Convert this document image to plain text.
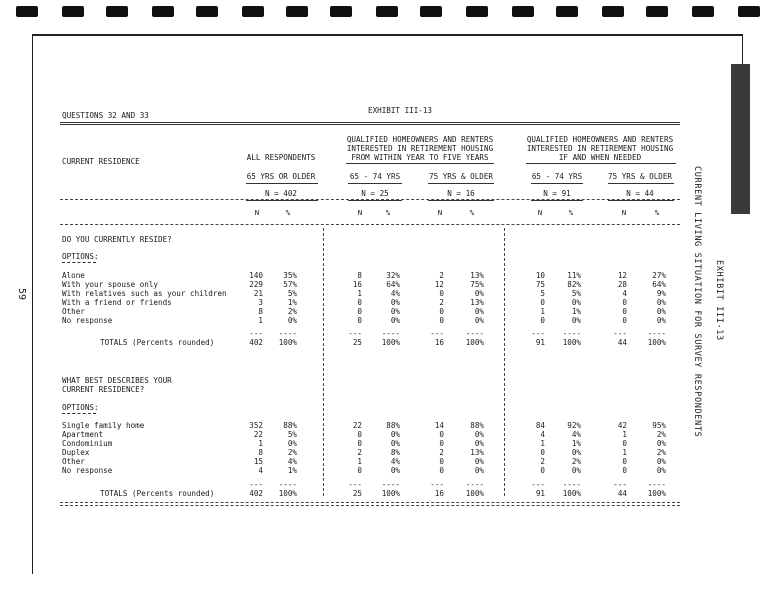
QUESTIONS 32 AND 33
EXHIBIT III-13
CURRENT RESIDENCE	ALL RESPONDENTS
65 YRS OR OLDER
N = 402
QUALIFIED HOMEOWNERS AND RENTERS
INTERESTED IN RETIREMENT HOUSING
FROM WITHIN YEAR TO FIVE YEARS
65 - 74 YRS	75 YRS & OLDER
N = 25	N = 16
QUALIFIED HOMEOWNERS AND RENTERS
INTERESTED IN RETIREMENT HOUSING
IF AND WHEN NEEDED
65 - 74 YRS	75 YRS & OLDER
N = 91	N = 44
N	%	N	%	N	%	N	%	N	%
DO YOU CURRENTLY RESIDE?
OPTIONS:
Alone	140	35%	8	32%	2	13%	10	11%	12	27%
With your spouse only	229	57%	16	64%	12	75%	75	82%	28	64%
With relatives such as your children	21	5%	1	4%	0	0%	5	5%	4	9%
With a friend or friends	3	1%	0	0%	2	13%	0	0%	0	0%
Other	8	2%	0	0%	0	0%	1	1%	0	0%
No response	1	0%	0	0%	0	0%	0	0%	0	0%
--- ----	---	----	---	----	--- ----	---	----
TOTALS (Percents rounded)	402 100%	25	100%	16	100%	91 100%	44	100%
WHAT BEST DESCRIBES YOUR
CURRENT RESIDENCE?
OPTIONS:
Single family home	352	88%	22	88%	14	88%	84	92%	42	95%
Apartment	22	5%	0	0%	0	0%	4	4%	1	2%
Condominium	1	0%	0	0%	0	0%	1	1%	0	0%
Duplex	8	2%	2	8%	2	13%	0	0%	1	2%
Other	15	4%	1	4%	0	0%	2	2%	0	0%
No response	4	1%	0	0%	0	0%	0	0%	0	0%
--- ----	---	----	---	----	--- ----	---	----
TOTALS (Percents rounded)	402 100%	25	100%	16	100%	91 100%	44	100%
EXHIBIT III-13
CURRENT LIVING SITUATION FOR SURVEY RESPONDENTS
59
